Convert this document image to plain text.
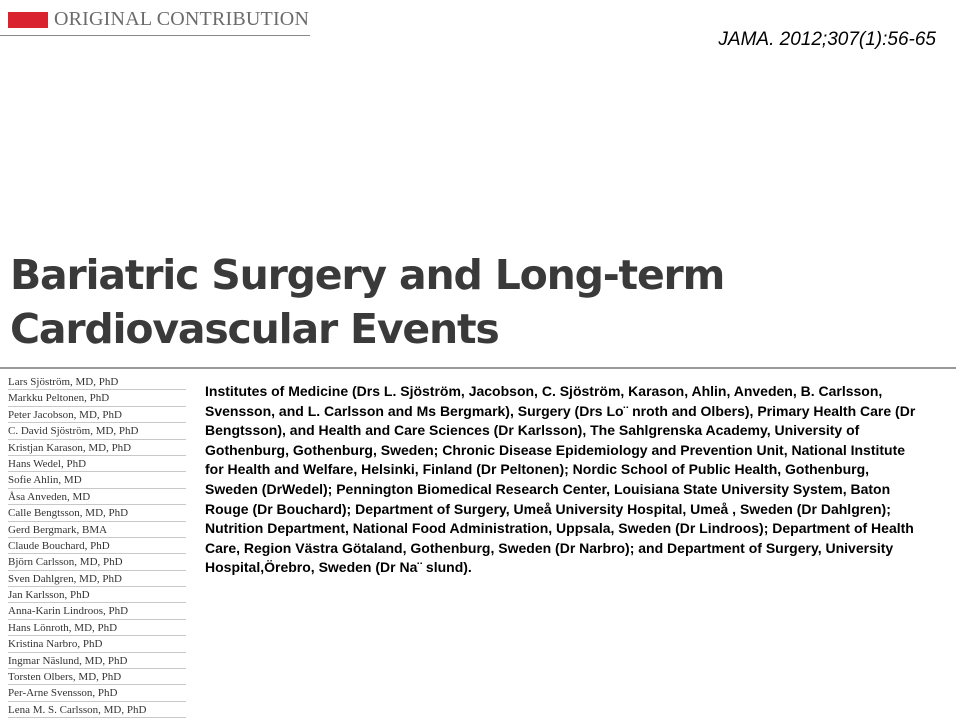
ORIGINAL CONTRIBUTION
JAMA. 2012;307(1):56-65
Bariatric Surgery and Long-term
Cardiovascular Events
Lars Sjöström, MD, PhD
Markku Peltonen, PhD
Peter Jacobson, MD, PhD
C. David Sjöström, MD, PhD
Kristjan Karason, MD, PhD
Hans Wedel, PhD
Sofie Ahlin, MD
Åsa Anveden, MD
Calle Bengtsson, MD, PhD
Gerd Bergmark, BMA
Claude Bouchard, PhD
Björn Carlsson, MD, PhD
Sven Dahlgren, MD, PhD
Jan Karlsson, PhD
Anna-Karin Lindroos, PhD
Hans Lönroth, MD, PhD
Kristina Narbro, PhD
Ingmar Näslund, MD, PhD
Torsten Olbers, MD, PhD
Per-Arne Svensson, PhD
Lena M. S. Carlsson, MD, PhD

Institutes of Medicine (Drs L. Sjöström, Jacobson, C. Sjöström, Karason, Ahlin, Anveden, B. Carlsson, Svensson, and L. Carlsson and Ms Bergmark), Surgery (Drs Lo¨ nroth and Olbers), Primary Health Care (Dr Bengtsson), and Health and Care Sciences (Dr Karlsson), The Sahlgrenska Academy, University of Gothenburg, Gothenburg, Sweden; Chronic Disease Epidemiology and Prevention Unit, National Institute for Health and Welfare, Helsinki, Finland (Dr Peltonen); Nordic School of Public Health, Gothenburg, Sweden (DrWedel); Pennington Biomedical Research Center, Louisiana State University System, Baton Rouge (Dr Bouchard); Department of Surgery, Umeå University Hospital, Umeå , Sweden (Dr Dahlgren); Nutrition Department, National Food Administration, Uppsala, Sweden (Dr Lindroos); Department of Health Care, Region Västra Götaland, Gothenburg, Sweden (Dr Narbro); and Department of Surgery, University Hospital,Örebro, Sweden (Dr Na¨ slund).
